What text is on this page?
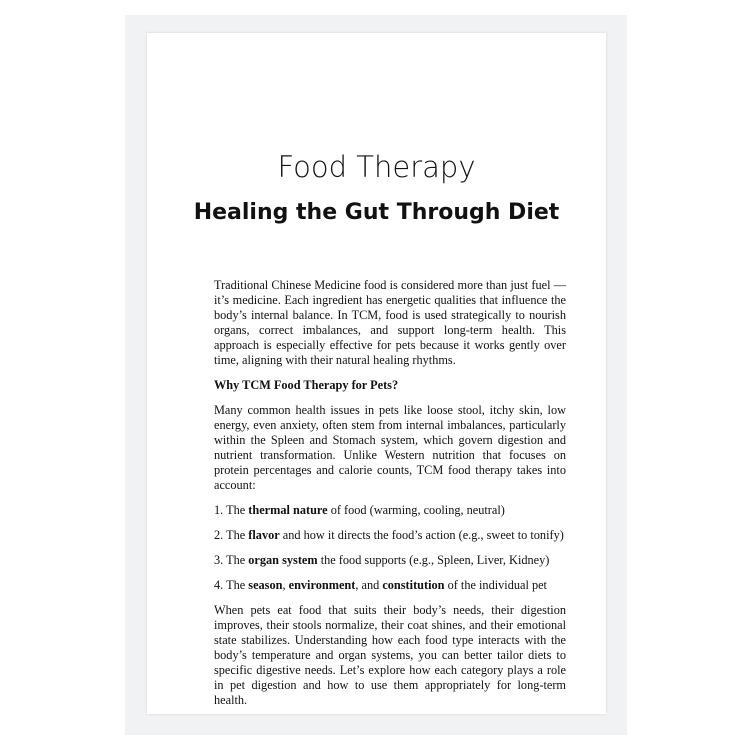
Food Therapy
Healing the Gut Through Diet

Traditional Chinese Medicine food is considered more than just fuel — it’s medicine. Each ingredient has energetic qualities that influence the body’s internal balance. In TCM, food is used strategically to nourish organs, correct imbalances, and support long-term health. This approach is especially effective for pets because it works gently over time, aligning with their natural healing rhythms.

Why TCM Food Therapy for Pets?

Many common health issues in pets like loose stool, itchy skin, low energy, even anxiety, often stem from internal imbalances, particularly within the Spleen and Stomach system, which govern digestion and nutrient transformation. Unlike Western nutrition that focuses on protein percentages and calorie counts, TCM food therapy takes into account:

1. The thermal nature of food (warming, cooling, neutral)

2. The flavor and how it directs the food’s action (e.g., sweet to tonify)

3. The organ system the food supports (e.g., Spleen, Liver, Kidney)

4. The season, environment, and constitution of the individual pet

When pets eat food that suits their body’s needs, their digestion improves, their stools normalize, their coat shines, and their emotional state stabilizes. Understanding how each food type interacts with the body’s temperature and organ systems, you can better tailor diets to specific digestive needs. Let’s explore how each category plays a role in pet digestion and how to use them appropriately for long-term health.
